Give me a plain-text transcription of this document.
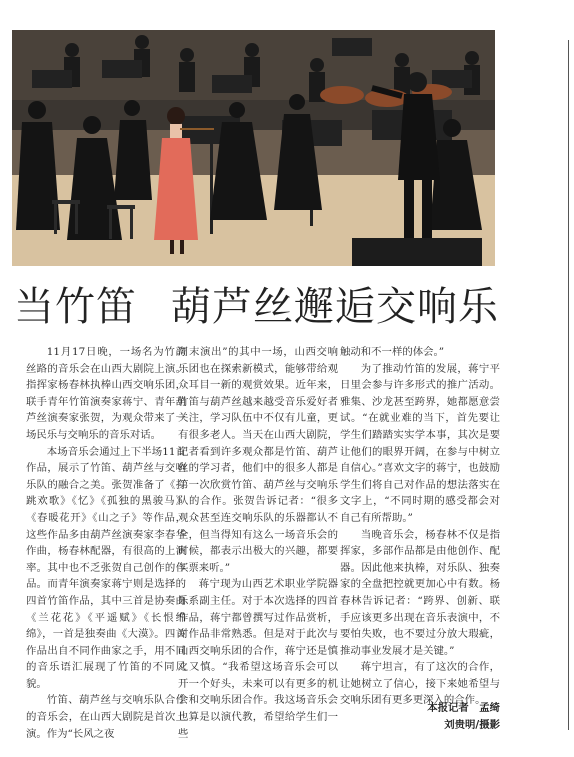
当竹笛 葫芦丝邂逅交响乐

11月17日晚，一场名为竹韵丝路的音乐会在山西大剧院上演。指挥家杨春林执棒山西交响乐团，联手青年竹笛演奏家蒋宁、青年葫芦丝演奏家张贺，为观众带来了一场民乐与交响乐的音乐对话。

本场音乐会通过上下半场11首作品，展示了竹笛、葫芦丝与交响乐队的融合之美。张贺准备了《打跳欢歌》《忆》《孤独的黑骏马》《春暖花开》《山之子》等作品，这些作品多由葫芦丝演奏家李春华作曲，杨春林配器，有很高的上演率。其中也不乏张贺自己创作的作品。而青年演奏家蒋宁则是选择的四首竹笛作品，其中三首是协奏曲《兰花花》《平遥赋》《长恨绵绵》，一首是独奏曲《大漠》。四首作品出自不同作曲家之手，用不同的音乐语汇展现了竹笛的不同风貌。

竹笛、葫芦丝与交响乐队合作的音乐会，在山西大剧院是首次上演。作为“长风之夜

周末演出”的其中一场，山西交响乐团也在探索新模式，能够带给观众耳目一新的观赏效果。近年来，竹笛与葫芦丝越来越受音乐爱好者关注，学习队伍中不仅有儿童，更有很多老人。当天在山西大剧院，记者看到许多观众都是竹笛、葫芦丝的学习者，他们中的很多人都是第一次欣赏竹笛、葫芦丝与交响乐队的合作。张贺告诉记者：“很多观众甚至连交响乐队的乐器都认不全，但当得知有这么一场音乐会的时候，都表示出极大的兴趣，都要买票来听。”

蒋宁现为山西艺术职业学院器乐系副主任。对于本次选择的四首作品，蒋宁都曾撰写过作品赏析，对作品非常熟悉。但是对于此次与山西交响乐团的合作，蒋宁还是慎之又慎。“我希望这场音乐会可以开一个好头，未来可以有更多的机会和交响乐团合作。我这场音乐会也算是以演代教，希望给学生们一些

触动和不一样的体会。”

为了推动竹笛的发展，蒋宁平日里会参与许多形式的推广活动。雅集、沙龙甚至跨界，她都愿意尝试。“在就业难的当下，首先要让学生们踏踏实实学本事，其次是要让他们的眼界开阔，在参与中树立自信心。”喜欢文字的蒋宁，也鼓励学生们将自己对作品的想法落实在文字上，“不同时期的感受都会对自己有所帮助。”

当晚音乐会，杨春林不仅是指挥家，多部作品都是由他创作、配器。因此他来执棒，对乐队、独奏家的全盘把控就更加心中有数。杨春林告诉记者：“跨界、创新、联手应该更多出现在音乐表演中，不要怕失败，也不要过分放大瑕疵，推动事业发展才是关键。”

蒋宁坦言，有了这次的合作，让她树立了信心，接下来她希望与交响乐团有更多更深入的合作。

本报记者　孟绮
刘贵明/摄影
